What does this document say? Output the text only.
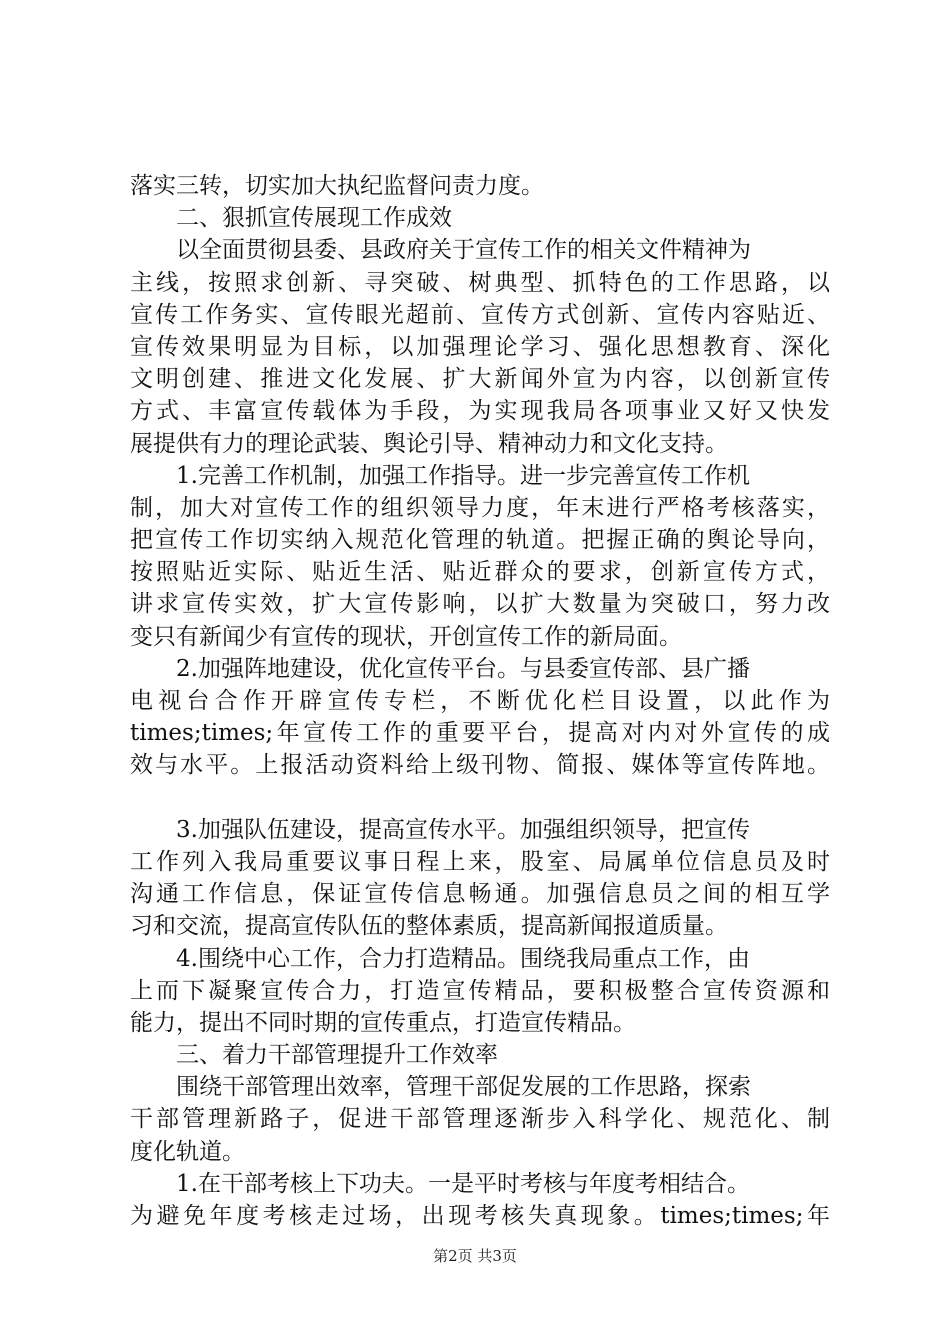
落实三转，切实加大执纪监督问责力度。
二、狠抓宣传展现工作成效
以全面贯彻县委、县政府关于宣传工作的相关文件精神为
主线，按照求创新、寻突破、树典型、抓特色的工作思路，以
宣传工作务实、宣传眼光超前、宣传方式创新、宣传内容贴近、
宣传效果明显为目标，以加强理论学习、强化思想教育、深化
文明创建、推进文化发展、扩大新闻外宣为内容，以创新宣传
方式、丰富宣传载体为手段，为实现我局各项事业又好又快发
展提供有力的理论武装、舆论引导、精神动力和文化支持。
1.完善工作机制，加强工作指导。进一步完善宣传工作机
制，加大对宣传工作的组织领导力度，年末进行严格考核落实，
把宣传工作切实纳入规范化管理的轨道。把握正确的舆论导向，
按照贴近实际、贴近生活、贴近群众的要求，创新宣传方式，
讲求宣传实效，扩大宣传影响，以扩大数量为突破口，努力改
变只有新闻少有宣传的现状，开创宣传工作的新局面。
2.加强阵地建设，优化宣传平台。与县委宣传部、县广播
电视台合作开辟宣传专栏，不断优化栏目设置，以此作为
times;times;年宣传工作的重要平台，提高对内对外宣传的成
效与水平。上报活动资料给上级刊物、简报、媒体等宣传阵地。
3.加强队伍建设，提高宣传水平。加强组织领导，把宣传
工作列入我局重要议事日程上来，股室、局属单位信息员及时
沟通工作信息，保证宣传信息畅通。加强信息员之间的相互学
习和交流，提高宣传队伍的整体素质，提高新闻报道质量。
4.围绕中心工作，合力打造精品。围绕我局重点工作，由
上而下凝聚宣传合力，打造宣传精品，要积极整合宣传资源和
能力，提出不同时期的宣传重点，打造宣传精品。
三、着力干部管理提升工作效率
围绕干部管理出效率，管理干部促发展的工作思路，探索
干部管理新路子，促进干部管理逐渐步入科学化、规范化、制
度化轨道。
1.在干部考核上下功夫。一是平时考核与年度考相结合。
为避免年度考核走过场，出现考核失真现象。times;times;年
第2页 共3页
